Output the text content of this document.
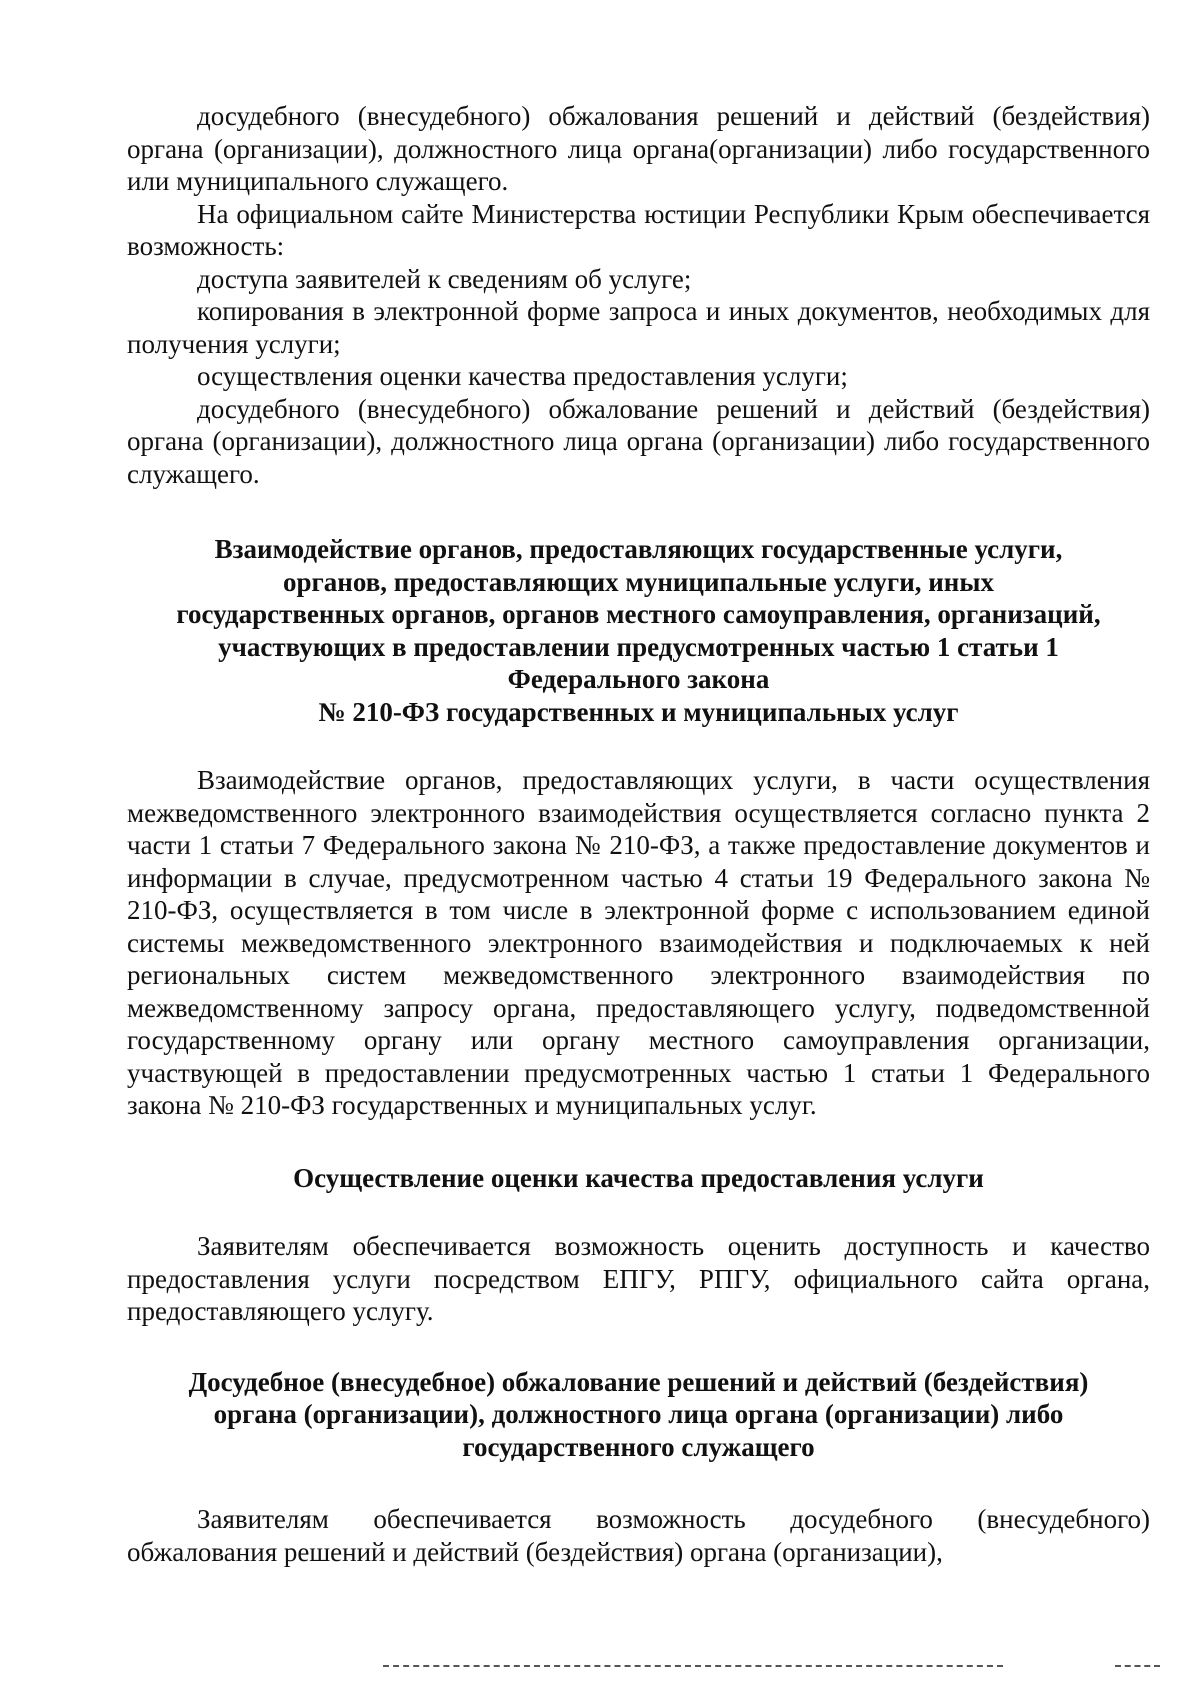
досудебного (внесудебного) обжалования решений и действий (бездействия) органа (организации), должностного лица органа(организации) либо государственного или муниципального служащего.

На официальном сайте Министерства юстиции Республики Крым обеспечивается возможность:

доступа заявителей к сведениям об услуге;

копирования в электронной форме запроса и иных документов, необходимых для получения услуги;

осуществления оценки качества предоставления услуги;

досудебного (внесудебного) обжалование решений и действий (бездействия) органа (организации), должностного лица органа (организации) либо государственного служащего.

Взаимодействие органов, предоставляющих государственные услуги,
органов, предоставляющих муниципальные услуги, иных
государственных органов, органов местного самоуправления, организаций,
участвующих в предоставлении предусмотренных частью 1 статьи 1
Федерального закона
№ 210-ФЗ государственных и муниципальных услуг

Взаимодействие органов, предоставляющих услуги, в части осуществления межведомственного электронного взаимодействия осуществляется согласно пункта 2 части 1 статьи 7 Федерального закона № 210-ФЗ, а также предоставление документов и информации в случае, предусмотренном частью 4 статьи 19 Федерального закона № 210-ФЗ, осуществляется в том числе в электронной форме с использованием единой системы межведомственного электронного взаимодействия и подключаемых к ней региональных систем межведомственного электронного взаимодействия по межведомственному запросу органа, предоставляющего услугу, подведомственной государственному органу или органу местного самоуправления организации, участвующей в предоставлении предусмотренных частью 1 статьи 1 Федерального закона № 210-ФЗ государственных и муниципальных услуг.

Осуществление оценки качества предоставления услуги

Заявителям обеспечивается возможность оценить доступность и качество предоставления услуги посредством ЕПГУ, РПГУ, официального сайта органа, предоставляющего услугу.

Досудебное (внесудебное) обжалование решений и действий (бездействия)
органа (организации), должностного лица органа (организации) либо
государственного служащего

Заявителям обеспечивается возможность досудебного (внесудебного) обжалования решений и действий (бездействия) органа (организации),
